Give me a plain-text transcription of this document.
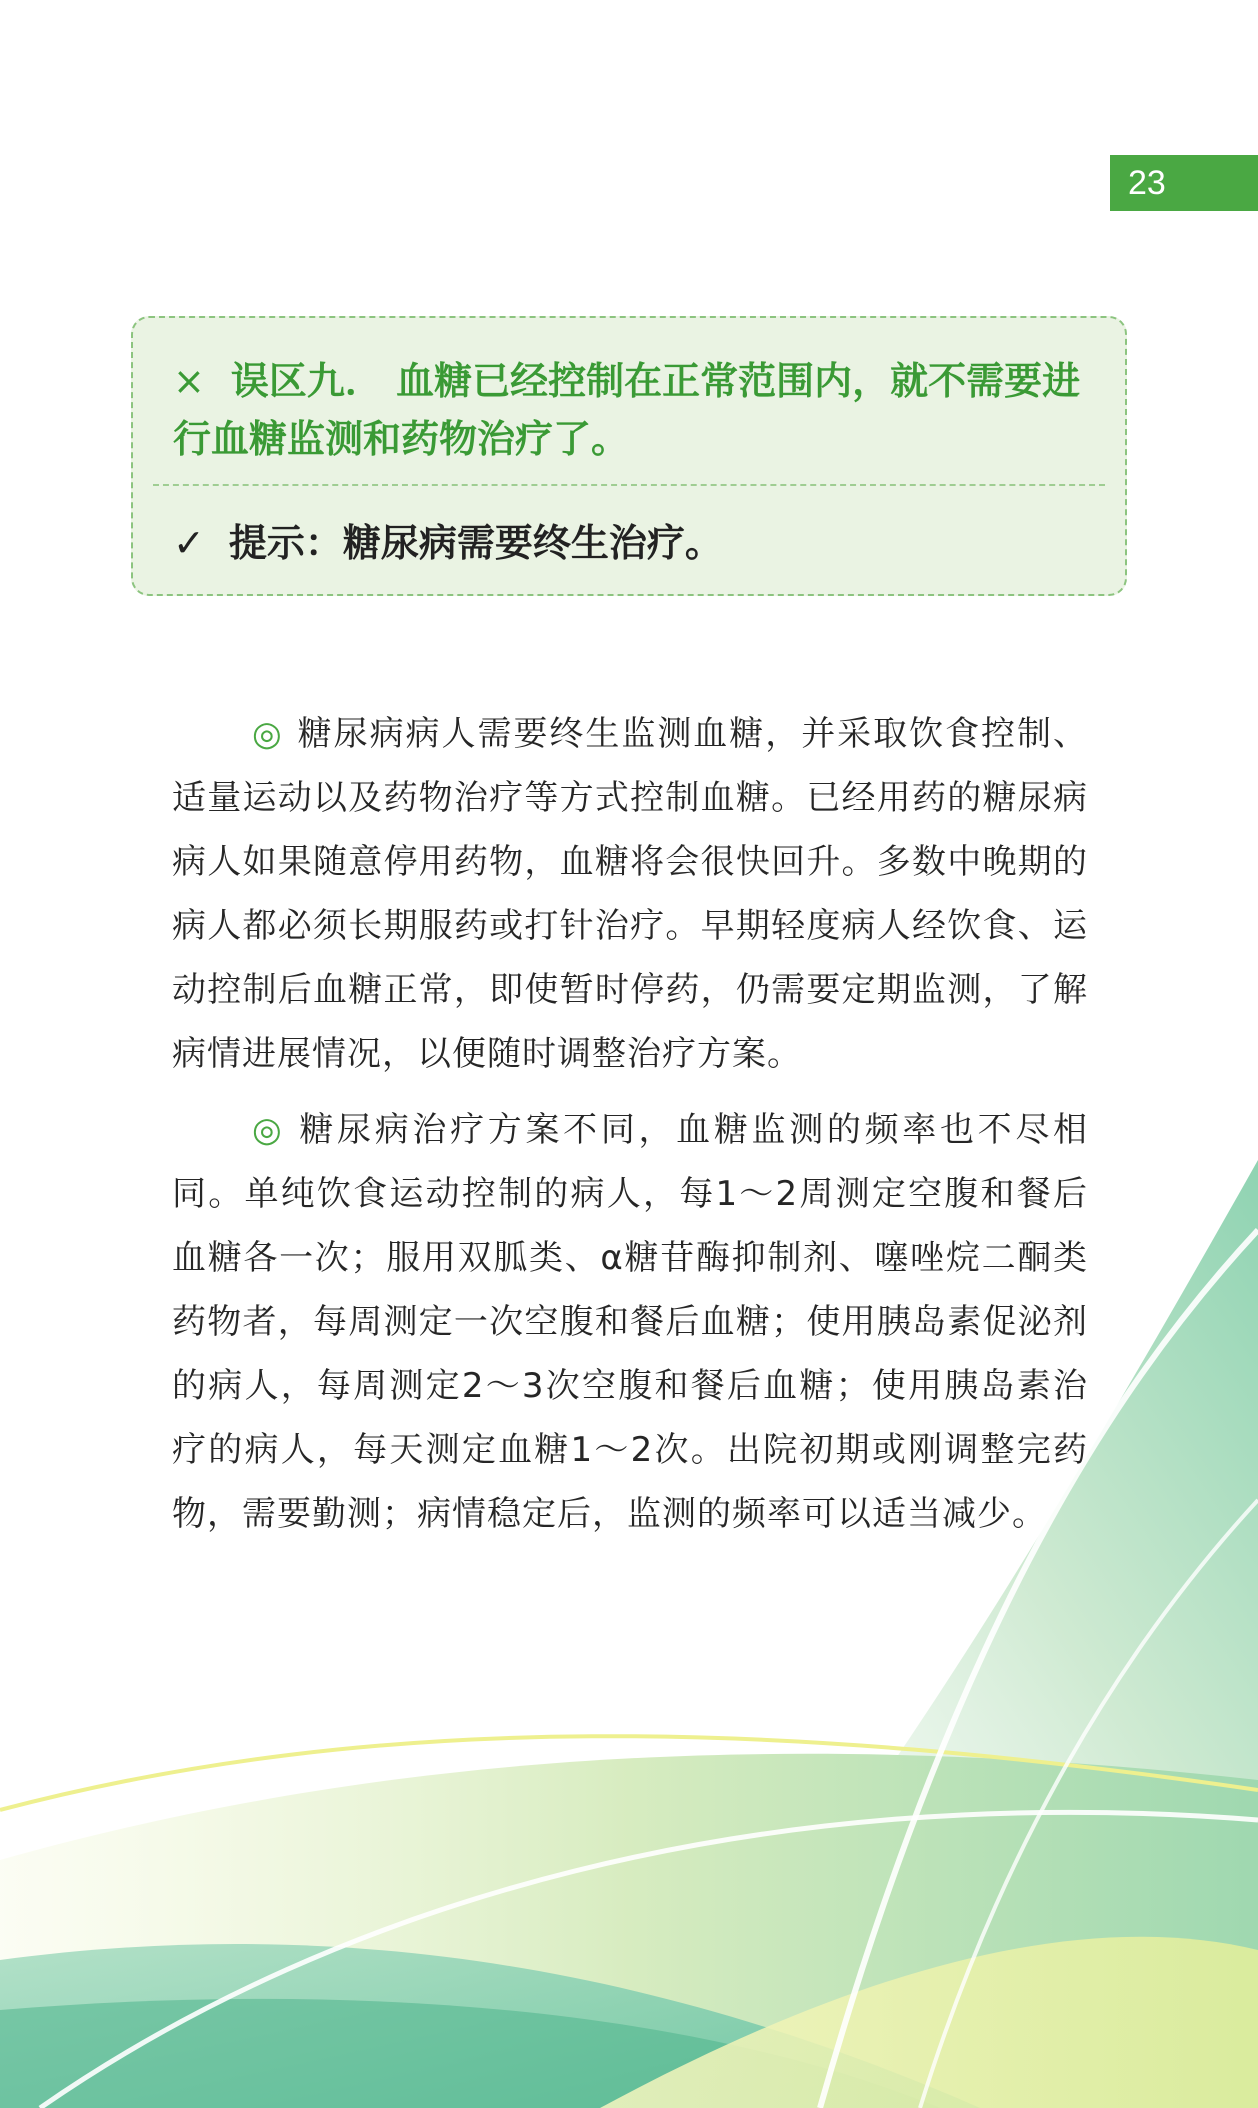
23

× 误区九． 血糖已经控制在正常范围内，就不需要进行血糖监测和药物治疗了。

✓ 提示：糖尿病需要终生治疗。

◎ 糖尿病病人需要终生监测血糖，并采取饮食控制、适量运动以及药物治疗等方式控制血糖。已经用药的糖尿病病人如果随意停用药物，血糖将会很快回升。多数中晚期的病人都必须长期服药或打针治疗。早期轻度病人经饮食、运动控制后血糖正常，即使暂时停药，仍需要定期监测，了解病情进展情况，以便随时调整治疗方案。

◎ 糖尿病治疗方案不同，血糖监测的频率也不尽相同。单纯饮食运动控制的病人，每1～2周测定空腹和餐后血糖各一次；服用双胍类、α糖苷酶抑制剂、噻唑烷二酮类药物者，每周测定一次空腹和餐后血糖；使用胰岛素促泌剂的病人，每周测定2～3次空腹和餐后血糖；使用胰岛素治疗的病人，每天测定血糖1～2次。出院初期或刚调整完药物，需要勤测；病情稳定后，监测的频率可以适当减少。
